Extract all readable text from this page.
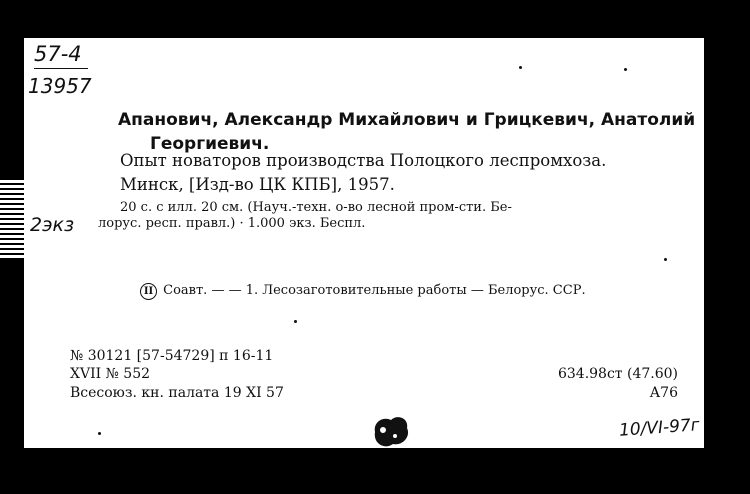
57-4
13957
Апанович, Александр Михайлович и Грицкевич, Анатолий
Георгиевич.
Опыт новаторов производства Полоцкого леспромхоза.
Минск, [Изд-во ЦК КПБ], 1957.
20 с. с илл. 20 см. (Науч.-техн. о-во лесной пром-сти. Бе-
лорус. респ. правл.) · 1.000 экз. Беспл.
2экз
II Соавт. — — 1. Лесозаготовительные работы — Белорус. ССР.
№ 30121 [57-54729] п 16-11
XVII № 552
Всесоюз. кн. палата 19 XI 57
634.98ст (47.60)
А76
10/VI-97г
